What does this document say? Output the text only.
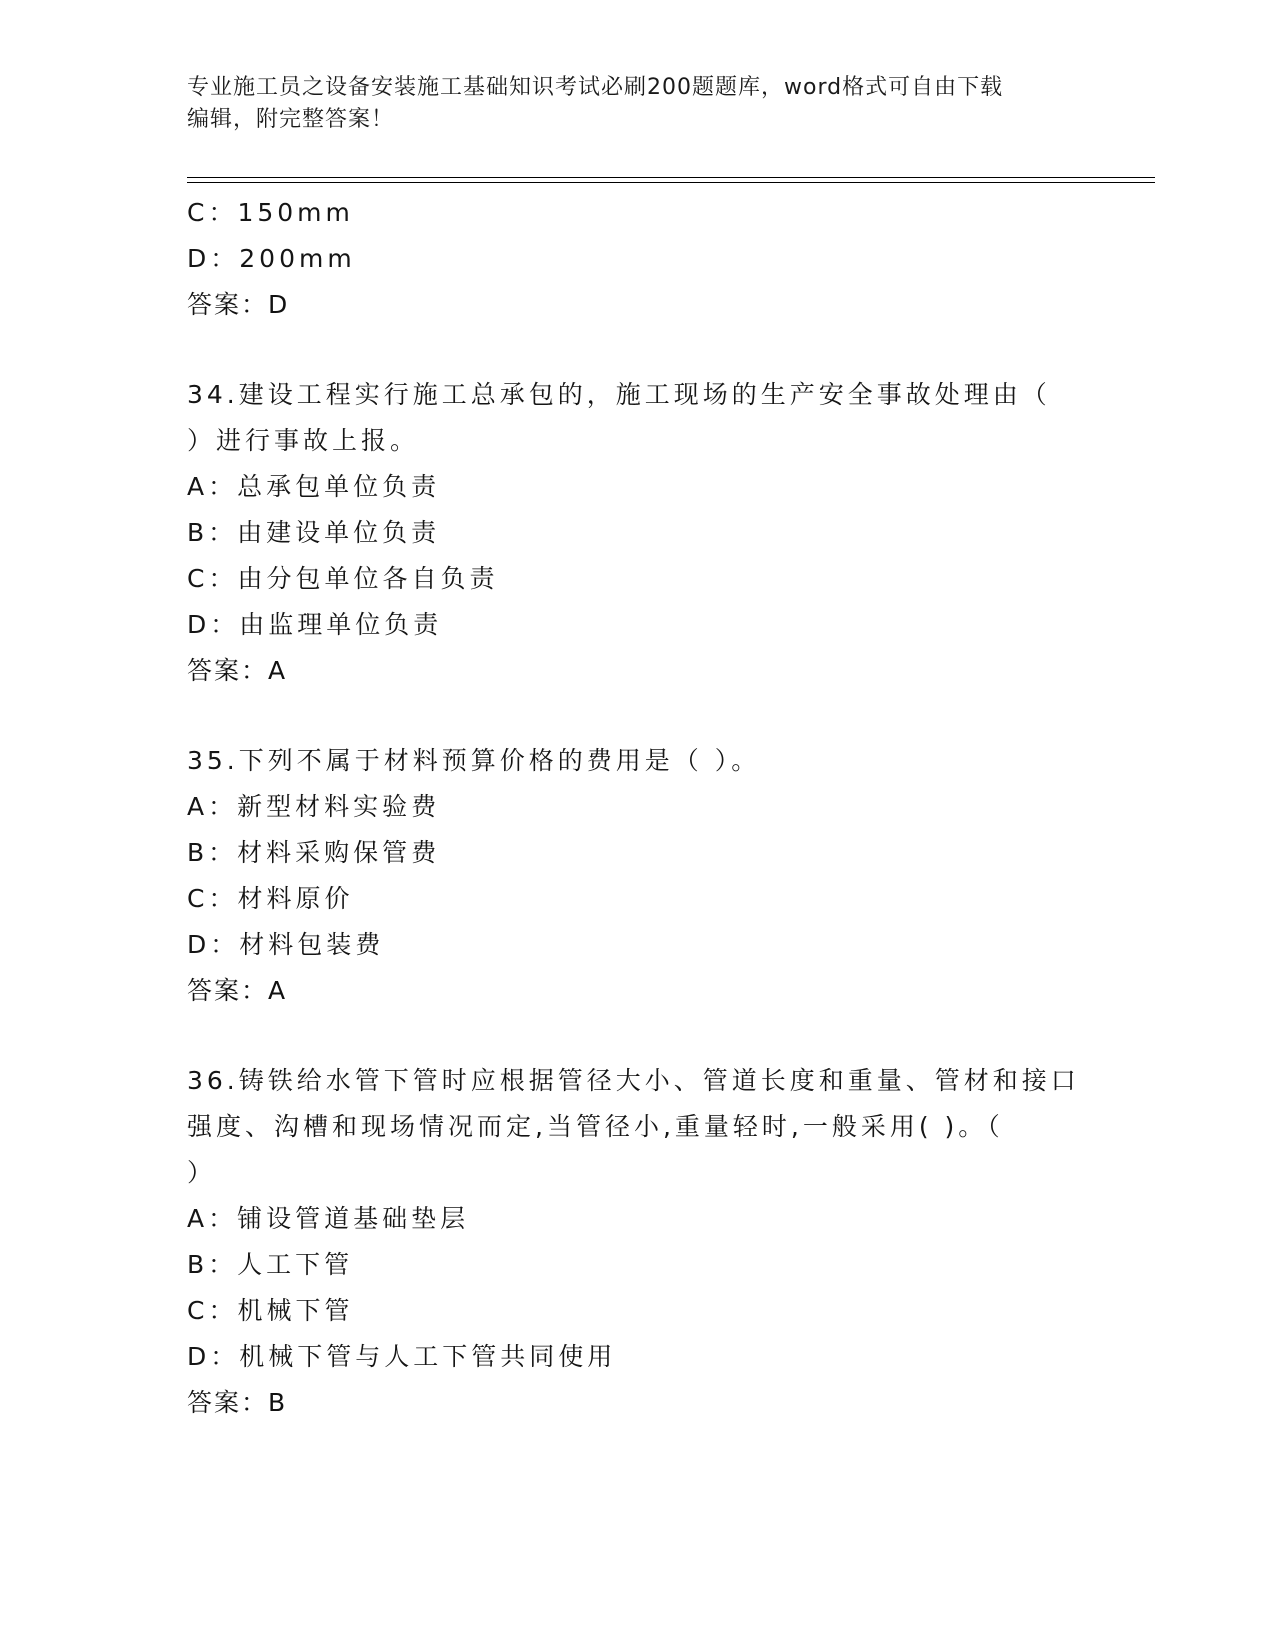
专业施工员之设备安装施工基础知识考试必刷200题题库，word格式可自由下载
编辑，附完整答案！
C：150mm
D：200mm
答案：D
34.建设工程实行施工总承包的，施工现场的生产安全事故处理由（
）进行事故上报。
A：总承包单位负责
B：由建设单位负责
C：由分包单位各自负责
D：由监理单位负责
答案：A
35.下列不属于材料预算价格的费用是（ ）。
A：新型材料实验费
B：材料采购保管费
C：材料原价
D：材料包装费
答案：A
36.铸铁给水管下管时应根据管径大小、管道长度和重量、管材和接口
强度、沟槽和现场情况而定,当管径小,重量轻时,一般采用( )。（
）
A：铺设管道基础垫层
B：人工下管
C：机械下管
D：机械下管与人工下管共同使用
答案：B
